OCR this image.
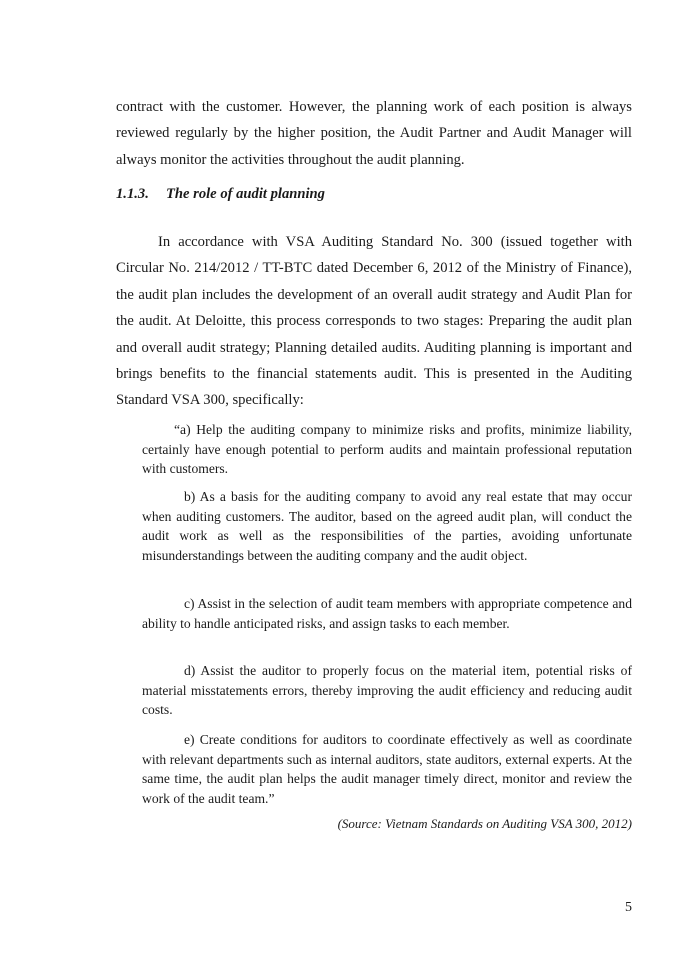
contract with the customer. However, the planning work of each position is always reviewed regularly by the higher position, the Audit Partner and Audit Manager will always monitor the activities throughout the audit planning.

1.1.3. The role of audit planning

In accordance with VSA Auditing Standard No. 300 (issued together with Circular No. 214/2012 / TT-BTC dated December 6, 2012 of the Ministry of Finance), the audit plan includes the development of an overall audit strategy and Audit Plan for the audit. At Deloitte, this process corresponds to two stages: Preparing the audit plan and overall audit strategy; Planning detailed audits. Auditing planning is important and brings benefits to the financial statements audit. This is presented in the Auditing Standard VSA 300, specifically:

“a) Help the auditing company to minimize risks and profits, minimize liability, certainly have enough potential to perform audits and maintain professional reputation with customers.

b) As a basis for the auditing company to avoid any real estate that may occur when auditing customers. The auditor, based on the agreed audit plan, will conduct the audit work as well as the responsibilities of the parties, avoiding unfortunate misunderstandings between the auditing company and the audit object.

c) Assist in the selection of audit team members with appropriate competence and ability to handle anticipated risks, and assign tasks to each member.

d) Assist the auditor to properly focus on the material item, potential risks of material misstatements errors, thereby improving the audit efficiency and reducing audit costs.

e) Create conditions for auditors to coordinate effectively as well as coordinate with relevant departments such as internal auditors, state auditors, external experts. At the same time, the audit plan helps the audit manager timely direct, monitor and review the work of the audit team.”

(Source: Vietnam Standards on Auditing VSA 300, 2012)

5
